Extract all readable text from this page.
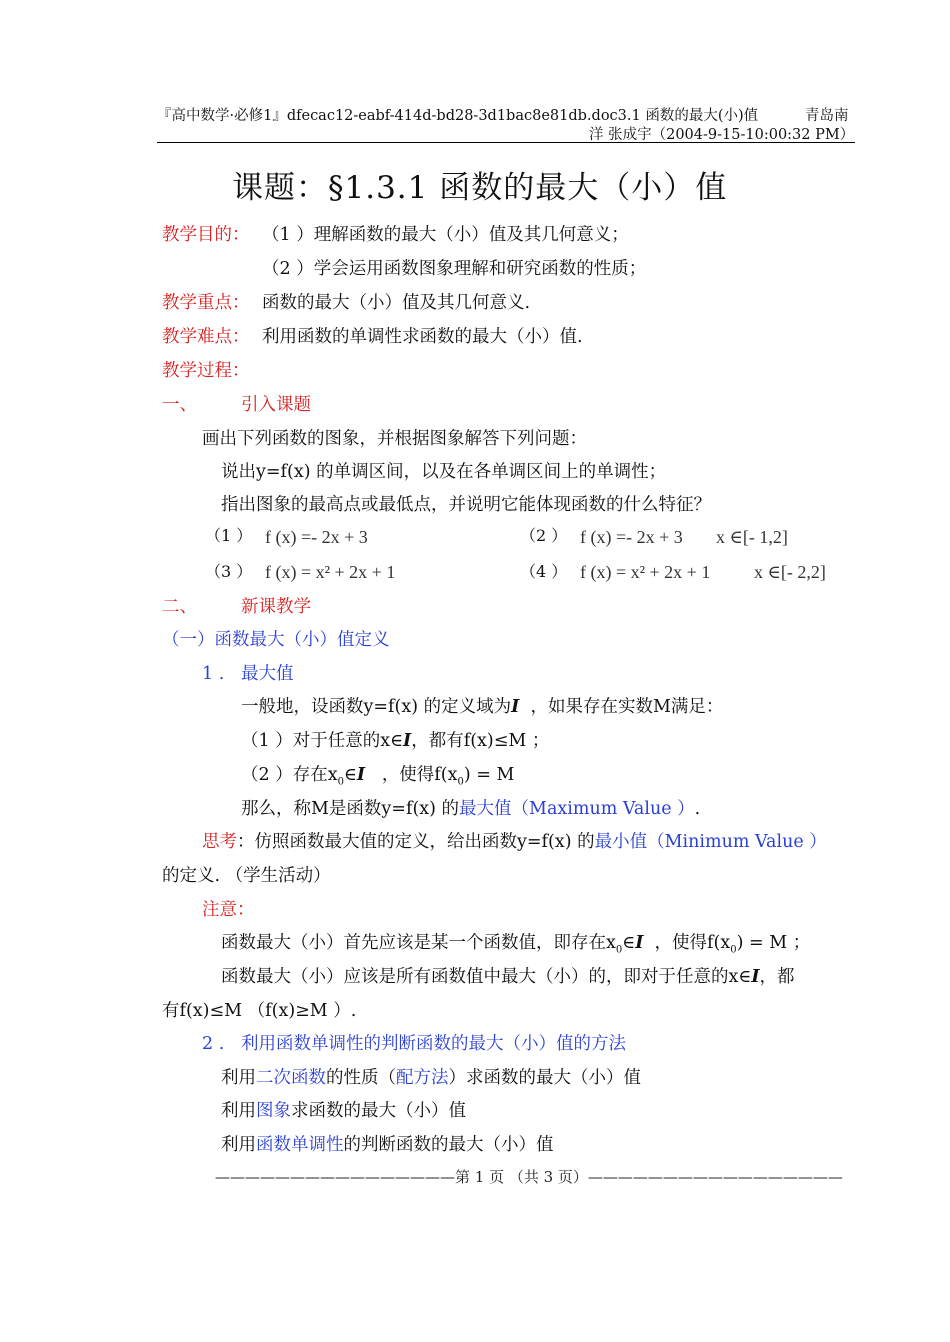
『高中数学·必修1』dfecac12-eabf-414d-bd28-3d1bac8e81db.doc3.1 函数的最大(小)值	青岛南
洋 张成宇（2004-9-15-10:00:32 PM）
课题：§1.3.1 函数的最大（小）值
教学目的： （1 ）理解函数的最大（小）值及其几何意义；
（2 ）学会运用函数图象理解和研究函数的性质；
教学重点： 函数的最大（小）值及其几何意义.
教学难点： 利用函数的单调性求函数的最大（小）值.
教学过程：
一、	引入课题
画出下列函数的图象，并根据图象解答下列问题：
说出y=f(x) 的单调区间，以及在各单调区间上的单调性；
指出图象的最高点或最低点，并说明它能体现函数的什么特征？
（1 ） f (x) =- 2x + 3	（2 ） f (x) =- 2x + 3 x ∈[- 1,2]
（3 ） f (x) = x² + 2x + 1	（4 ） f (x) = x² + 2x + 1 x ∈[- 2,2]
二、	新课教学
（一）函数最大（小）值定义
1 . 最大值
一般地，设函数y=f(x) 的定义域为I ，如果存在实数M满足：
（1 ）对于任意的x∈I，都有f(x)≤M ；
（2 ）存在$x_0\in I$ ，使得$f(x_0) = M$
那么，称M是函数y=f(x) 的最大值（Maximum Value ）.
思考：仿照函数最大值的定义，给出函数y=f(x) 的最小值（Minimum Value ）
的定义. （学生活动）
注意：
函数最大（小）首先应该是某一个函数值，即存在$x_0\in I$ ，使得$f(x_0) = M$ ；
函数最大（小）应该是所有函数值中最大（小）的，即对于任意的x∈I，都
有f(x)≤M （f(x)≥M ）.
2 . 利用函数单调性的判断函数的最大（小）值的方法
利用二次函数的性质（配方法）求函数的最大（小）值
利用图象求函数的最大（小）值
利用函数单调性的判断函数的最大（小）值
————————————————第 1 页 （共 3 页）—————————————————
